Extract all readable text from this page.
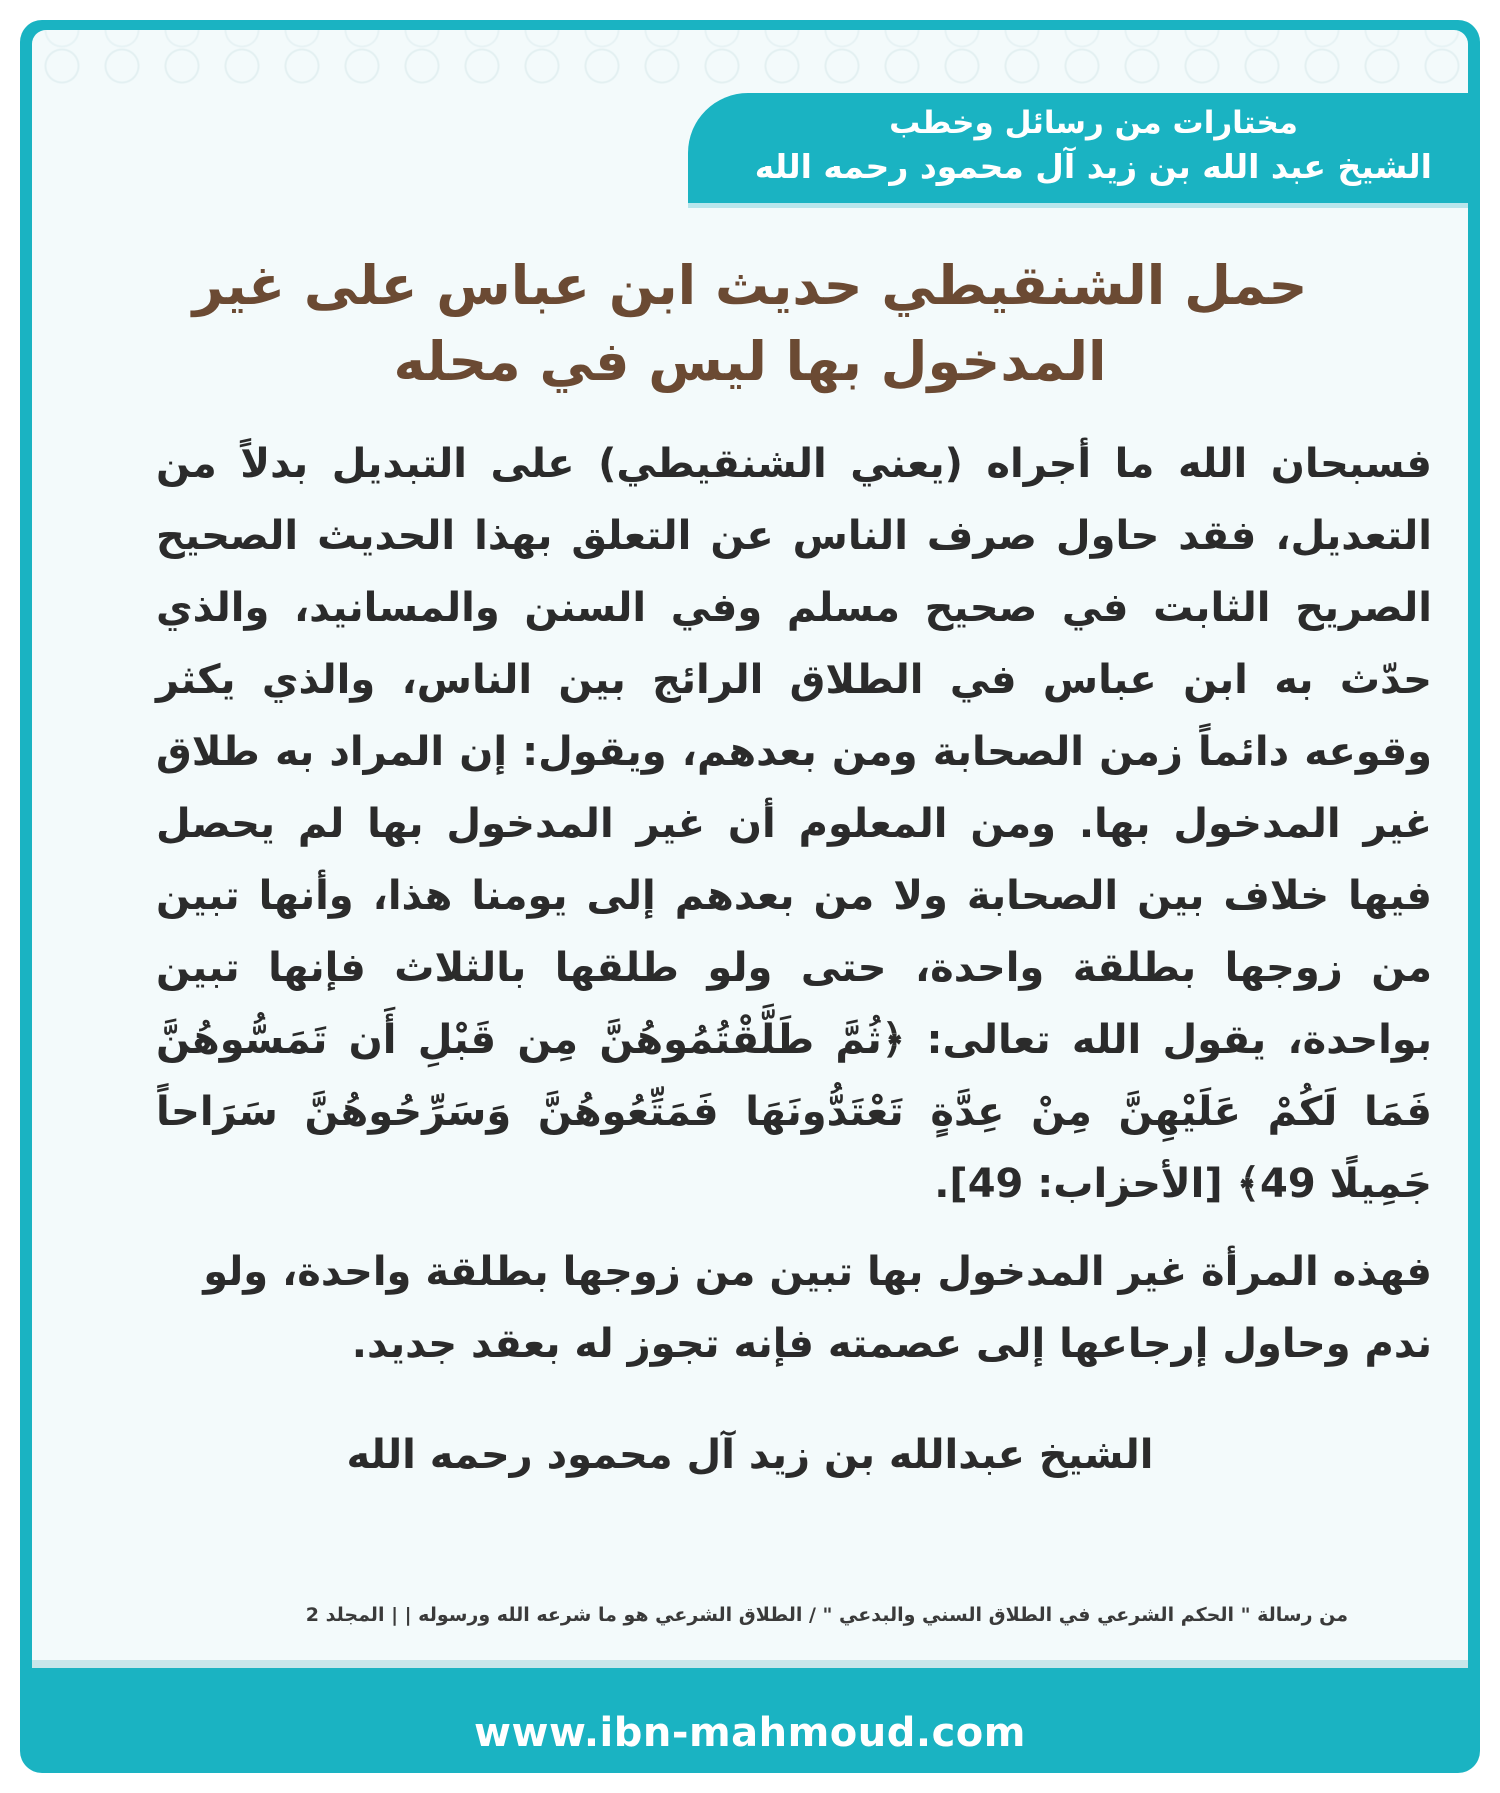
مختارات من رسائل وخطب
الشيخ عبد الله بن زيد آل محمود رحمه الله
حمل الشنقيطي حديث ابن عباس على غير
المدخول بها ليس في محله

فسبحان الله ما أجراه (يعني الشنقيطي) على التبديل بدلاً من التعديل، فقد حاول صرف الناس عن التعلق بهذا الحديث الصحيح الصريح الثابت في صحيح مسلم وفي السنن والمسانيد، والذي حدّث به ابن عباس في الطلاق الرائج بين الناس، والذي يكثر وقوعه دائماً زمن الصحابة ومن بعدهم، ويقول: إن المراد به طلاق غير المدخول بها. ومن المعلوم أن غير المدخول بها لم يحصل فيها خلاف بين الصحابة ولا من بعدهم إلى يومنا هذا، وأنها تبين من زوجها بطلقة واحدة، حتى ولو طلقها بالثلاث فإنها تبين بواحدة، يقول الله تعالى: ﴿ثُمَّ طَلَّقْتُمُوهُنَّ مِن قَبْلِ أَن تَمَسُّوهُنَّ فَمَا لَكُمْ عَلَيْهِنَّ مِنْ عِدَّةٍ تَعْتَدُّونَهَا فَمَتِّعُوهُنَّ وَسَرِّحُوهُنَّ سَرَاحاً جَمِيلًا 49﴾ [الأحزاب: 49].

فهذه المرأة غير المدخول بها تبين من زوجها بطلقة واحدة، ولو ندم وحاول إرجاعها إلى عصمته فإنه تجوز له بعقد جديد.

الشيخ عبدالله بن زيد آل محمود رحمه الله
من رسالة " الحكم الشرعي في الطلاق السني والبدعي " / الطلاق الشرعي هو ما شرعه الله ورسوله | | المجلد 2
www.ibn-mahmoud.com
